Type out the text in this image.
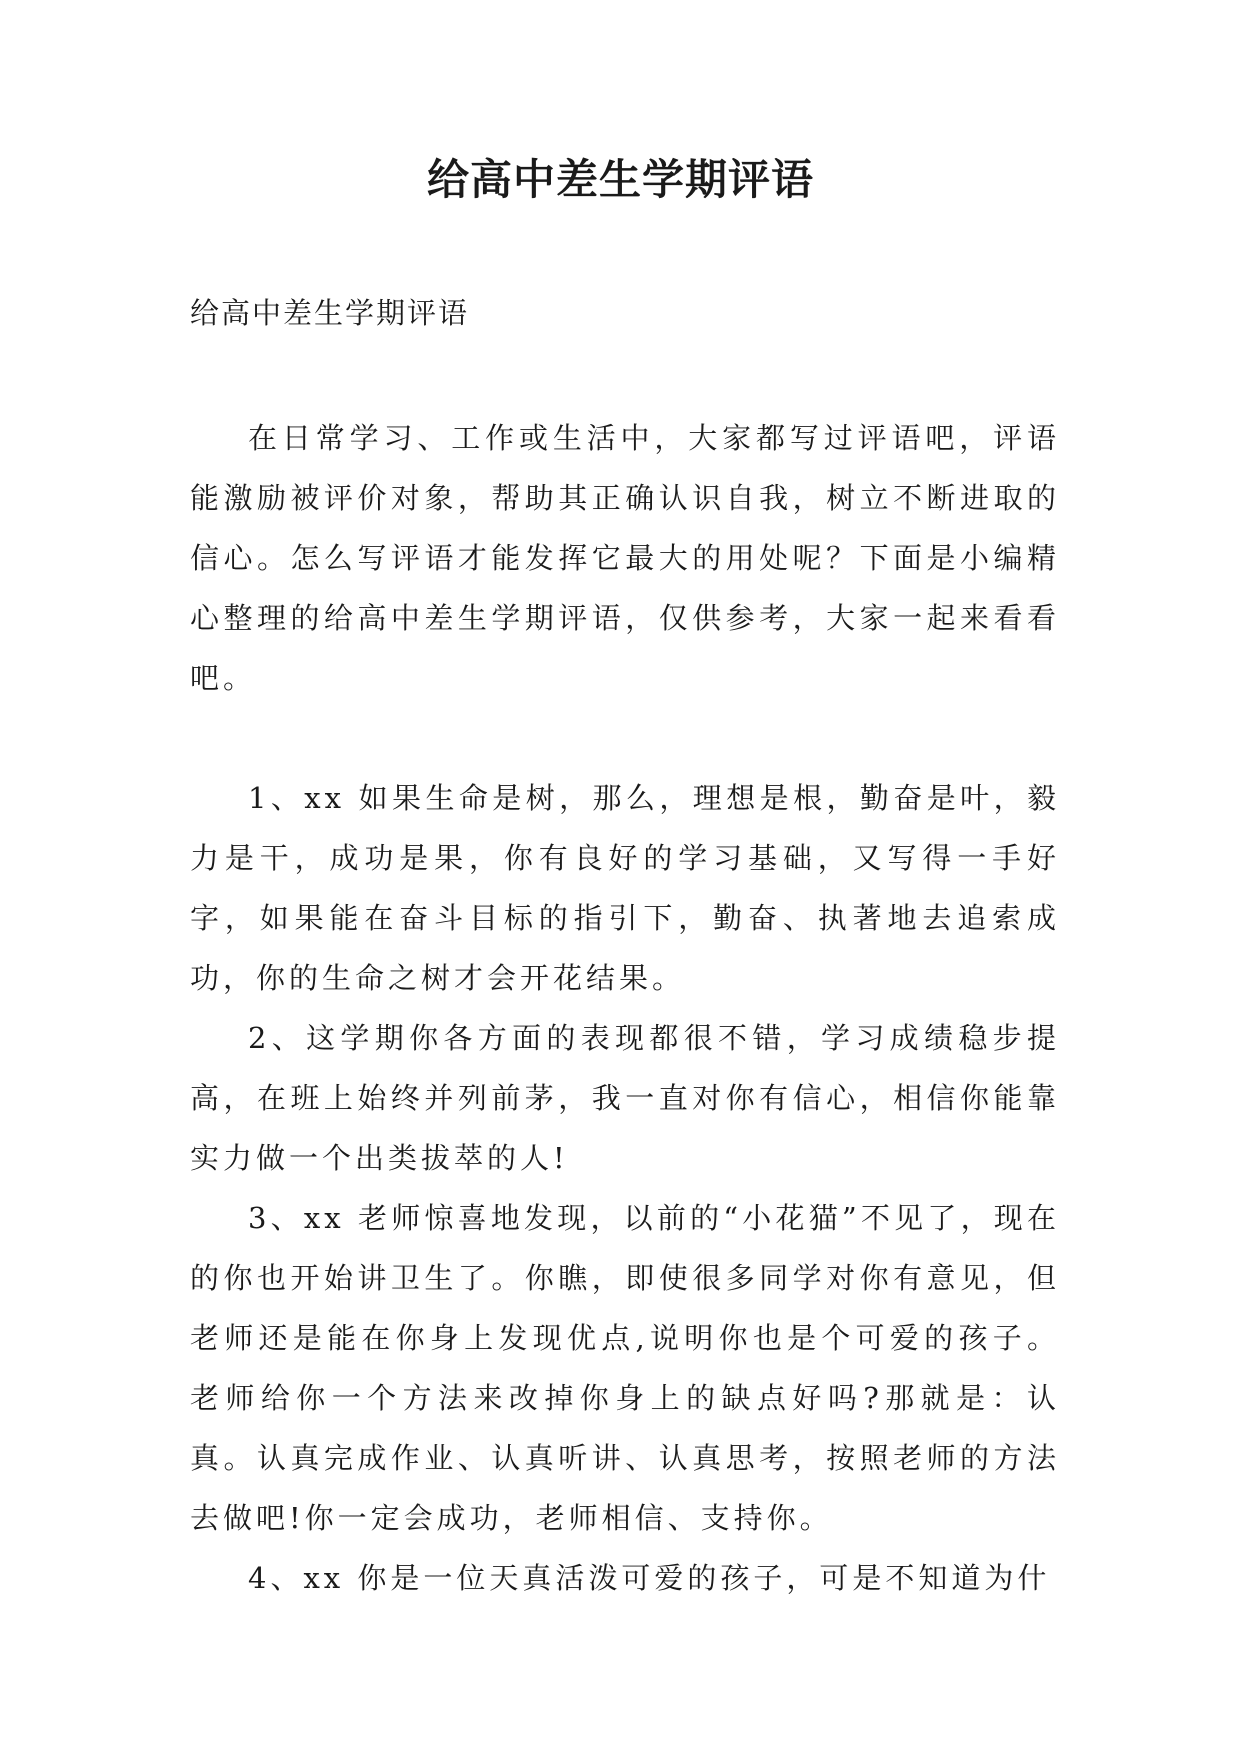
给高中差生学期评语

给高中差生学期评语

在日常学习、工作或生活中，大家都写过评语吧，评语能激励被评价对象，帮助其正确认识自我，树立不断进取的信心。怎么写评语才能发挥它最大的用处呢？下面是小编精心整理的给高中差生学期评语，仅供参考，大家一起来看看吧。

1、xx 如果生命是树，那么，理想是根，勤奋是叶，毅力是干，成功是果，你有良好的学习基础，又写得一手好字，如果能在奋斗目标的指引下，勤奋、执著地去追索成功，你的生命之树才会开花结果。

2、这学期你各方面的表现都很不错，学习成绩稳步提高，在班上始终并列前茅，我一直对你有信心，相信你能靠实力做一个出类拔萃的人!

3、xx 老师惊喜地发现，以前的“小花猫”不见了，现在的你也开始讲卫生了。你瞧，即使很多同学对你有意见，但老师还是能在你身上发现优点,说明你也是个可爱的孩子。老师给你一个方法来改掉你身上的缺点好吗?那就是：认真。认真完成作业、认真听讲、认真思考，按照老师的方法去做吧!你一定会成功，老师相信、支持你。

4、xx 你是一位天真活泼可爱的孩子，可是不知道为什
